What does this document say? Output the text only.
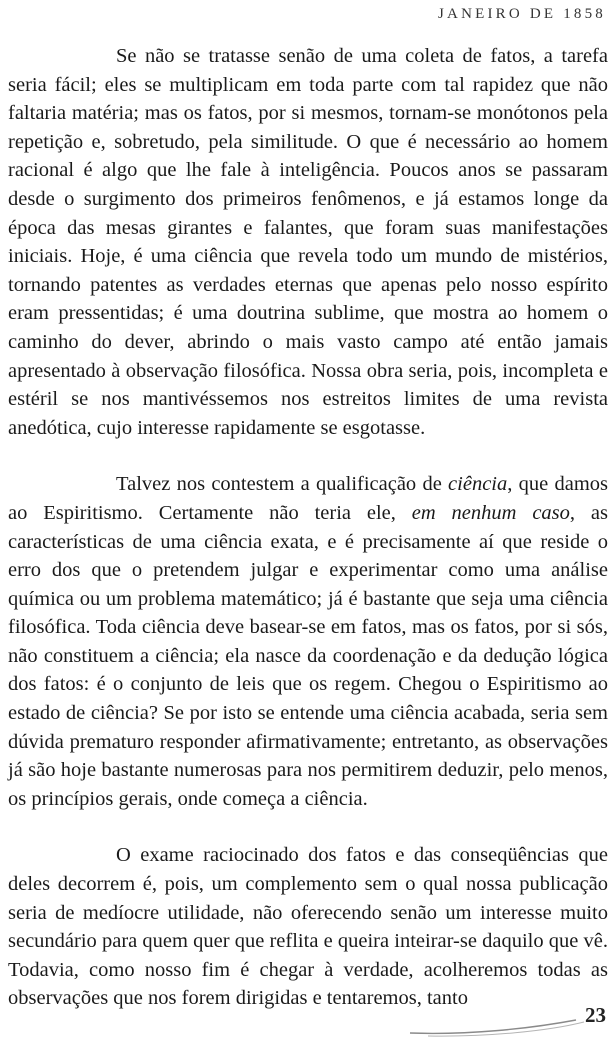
JANEIRO DE 1858

Se não se tratasse senão de uma coleta de fatos, a tarefa seria fácil; eles se multiplicam em toda parte com tal rapidez que não faltaria matéria; mas os fatos, por si mesmos, tornam-se monótonos pela repetição e, sobretudo, pela similitude. O que é necessário ao homem racional é algo que lhe fale à inteligência. Poucos anos se passaram desde o surgimento dos primeiros fenômenos, e já estamos longe da época das mesas girantes e falantes, que foram suas manifestações iniciais. Hoje, é uma ciência que revela todo um mundo de mistérios, tornando patentes as verdades eternas que apenas pelo nosso espírito eram pressentidas; é uma doutrina sublime, que mostra ao homem o caminho do dever, abrindo o mais vasto campo até então jamais apresentado à observação filosófica. Nossa obra seria, pois, incompleta e estéril se nos mantivéssemos nos estreitos limites de uma revista anedótica, cujo interesse rapidamente se esgotasse.

Talvez nos contestem a qualificação de ciência, que damos ao Espiritismo. Certamente não teria ele, em nenhum caso, as características de uma ciência exata, e é precisamente aí que reside o erro dos que o pretendem julgar e experimentar como uma análise química ou um problema matemático; já é bastante que seja uma ciência filosófica. Toda ciência deve basear-se em fatos, mas os fatos, por si sós, não constituem a ciência; ela nasce da coordenação e da dedução lógica dos fatos: é o conjunto de leis que os regem. Chegou o Espiritismo ao estado de ciência? Se por isto se entende uma ciência acabada, seria sem dúvida prematuro responder afirmativamente; entretanto, as observações já são hoje bastante numerosas para nos permitirem deduzir, pelo menos, os princípios gerais, onde começa a ciência.

O exame raciocinado dos fatos e das conseqüências que deles decorrem é, pois, um complemento sem o qual nossa publicação seria de medíocre utilidade, não oferecendo senão um interesse muito secundário para quem quer que reflita e queira inteirar-se daquilo que vê. Todavia, como nosso fim é chegar à verdade, acolheremos todas as observações que nos forem dirigidas e tentaremos, tanto

23
